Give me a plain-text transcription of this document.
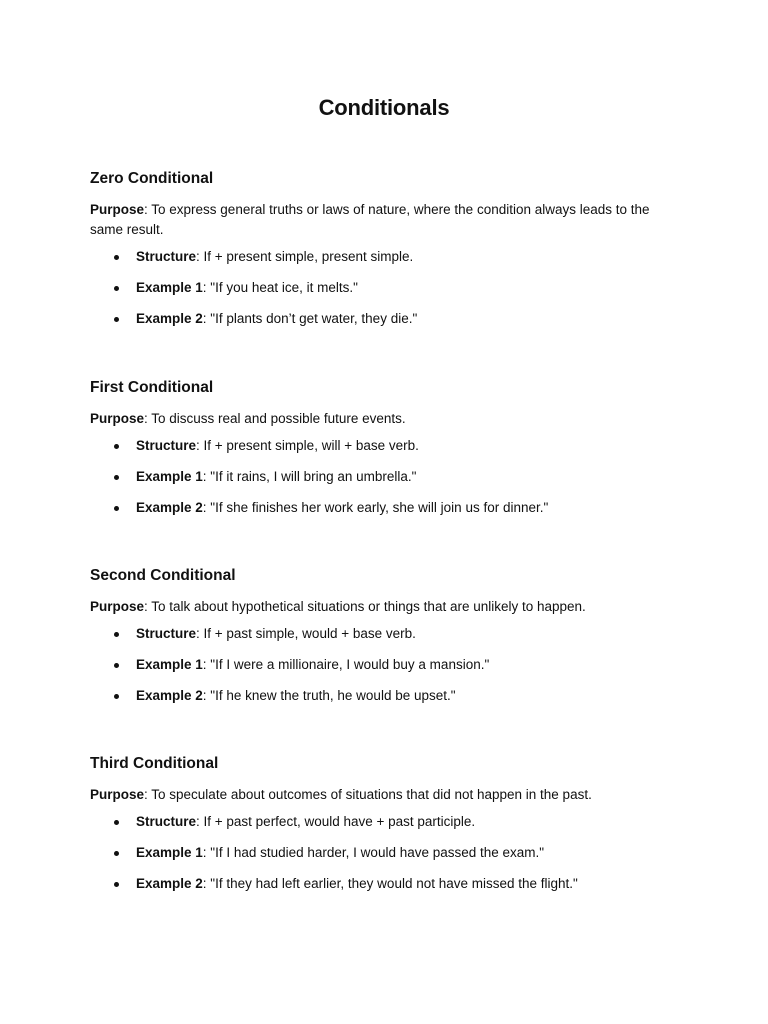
Conditionals
Zero Conditional

Purpose: To express general truths or laws of nature, where the condition always leads to the same result.

Structure: If + present simple, present simple.
Example 1: "If you heat ice, it melts."
Example 2: "If plants don’t get water, they die."
First Conditional

Purpose: To discuss real and possible future events.

Structure: If + present simple, will + base verb.
Example 1: "If it rains, I will bring an umbrella."
Example 2: "If she finishes her work early, she will join us for dinner."
Second Conditional

Purpose: To talk about hypothetical situations or things that are unlikely to happen.

Structure: If + past simple, would + base verb.
Example 1: "If I were a millionaire, I would buy a mansion."
Example 2: "If he knew the truth, he would be upset."
Third Conditional

Purpose: To speculate about outcomes of situations that did not happen in the past.

Structure: If + past perfect, would have + past participle.
Example 1: "If I had studied harder, I would have passed the exam."
Example 2: "If they had left earlier, they would not have missed the flight."
